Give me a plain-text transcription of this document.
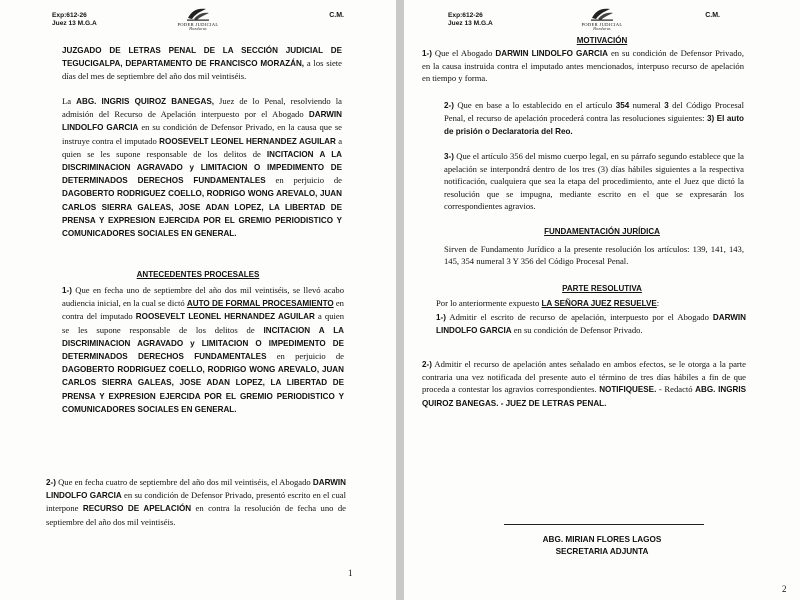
Exp:612-26
Juez 13 M.G.A	PODER JUDICIAL
Honduras
C.M.
JUZGADO DE LETRAS PENAL DE LA SECCIÓN JUDICIAL DE TEGUCIGALPA, DEPARTAMENTO DE FRANCISCO MORAZÁN, a los siete días del mes de septiembre del año dos mil veintiséis.
La ABG. INGRIS QUIROZ BANEGAS, Juez de lo Penal, resolviendo la admisión del Recurso de Apelación interpuesto por el Abogado DARWIN LINDOLFO GARCIA en su condición de Defensor Privado, en la causa que se instruye contra el imputado ROOSEVELT LEONEL HERNANDEZ AGUILAR a quien se les supone responsable de los delitos de INCITACION A LA DISCRIMINACION AGRAVADO y LIMITACION O IMPEDIMENTO DE DETERMINADOS DERECHOS FUNDAMENTALES en perjuicio de DAGOBERTO RODRIGUEZ COELLO, RODRIGO WONG AREVALO, JUAN CARLOS SIERRA GALEAS, JOSE ADAN LOPEZ, LA LIBERTAD DE PRENSA Y EXPRESION EJERCIDA POR EL GREMIO PERIODISTICO Y COMUNICADORES SOCIALES EN GENERAL.
ANTECEDENTES PROCESALES
1-) Que en fecha uno de septiembre del año dos mil veintiséis, se llevó acabo audiencia inicial, en la cual se dictó AUTO DE FORMAL PROCESAMIENTO en contra del imputado ROOSEVELT LEONEL HERNANDEZ AGUILAR a quien se les supone responsable de los delitos de INCITACION A LA DISCRIMINACION AGRAVADO y LIMITACION O IMPEDIMENTO DE DETERMINADOS DERECHOS FUNDAMENTALES en perjuicio de DAGOBERTO RODRIGUEZ COELLO, RODRIGO WONG AREVALO, JUAN CARLOS SIERRA GALEAS, JOSE ADAN LOPEZ, LA LIBERTAD DE PRENSA Y EXPRESION EJERCIDA POR EL GREMIO PERIODISTICO Y COMUNICADORES SOCIALES EN GENERAL.
2-) Que en fecha cuatro de septiembre del año dos mil veintiséis, el Abogado DARWIN LINDOLFO GARCIA en su condición de Defensor Privado, presentó escrito en el cual interpone RECURSO DE APELACIÓN en contra la resolución de fecha uno de septiembre del año dos mil veintiséis.
1
Exp:612-26
Juez 13 M.G.A	PODER JUDICIAL
Honduras
C.M.
MOTIVACIÓN
1-) Que el Abogado DARWIN LINDOLFO GARCIA en su condición de Defensor Privado, en la causa instruida contra el imputado antes mencionados, interpuso recurso de apelación en tiempo y forma.
2-) Que en base a lo establecido en el artículo 354 numeral 3 del Código Procesal Penal, el recurso de apelación procederá contra las resoluciones siguientes: 3) El auto de prisión o Declaratoria del Reo.
3-) Que el artículo 356 del mismo cuerpo legal, en su párrafo segundo establece que la apelación se interpondrá dentro de los tres (3) días hábiles siguientes a la respectiva notificación, cualquiera que sea la etapa del procedimiento, ante el Juez que dictó la resolución que se impugna, mediante escrito en el que se expresarán los correspondientes agravios.
FUNDAMENTACIÓN JURÍDICA
Sirven de Fundamento Jurídico a la presente resolución los artículos: 139, 141, 143, 145, 354 numeral 3 Y 356 del Código Procesal Penal.
PARTE RESOLUTIVA
Por lo anteriormente expuesto LA SEÑORA JUEZ RESUELVE:
1-) Admitir el escrito de recurso de apelación, interpuesto por el Abogado DARWIN LINDOLFO GARCIA en su condición de Defensor Privado.
2-) Admitir el recurso de apelación antes señalado en ambos efectos, se le otorga a la parte contraria una vez notificada del presente auto el término de tres días hábiles a fin de que proceda a contestar los agravios correspondientes. NOTIFIQUESE. - Redactó ABG. INGRIS QUIROZ BANEGAS. - JUEZ DE LETRAS PENAL.
ABG. MIRIAN FLORES LAGOS
SECRETARIA ADJUNTA
2
